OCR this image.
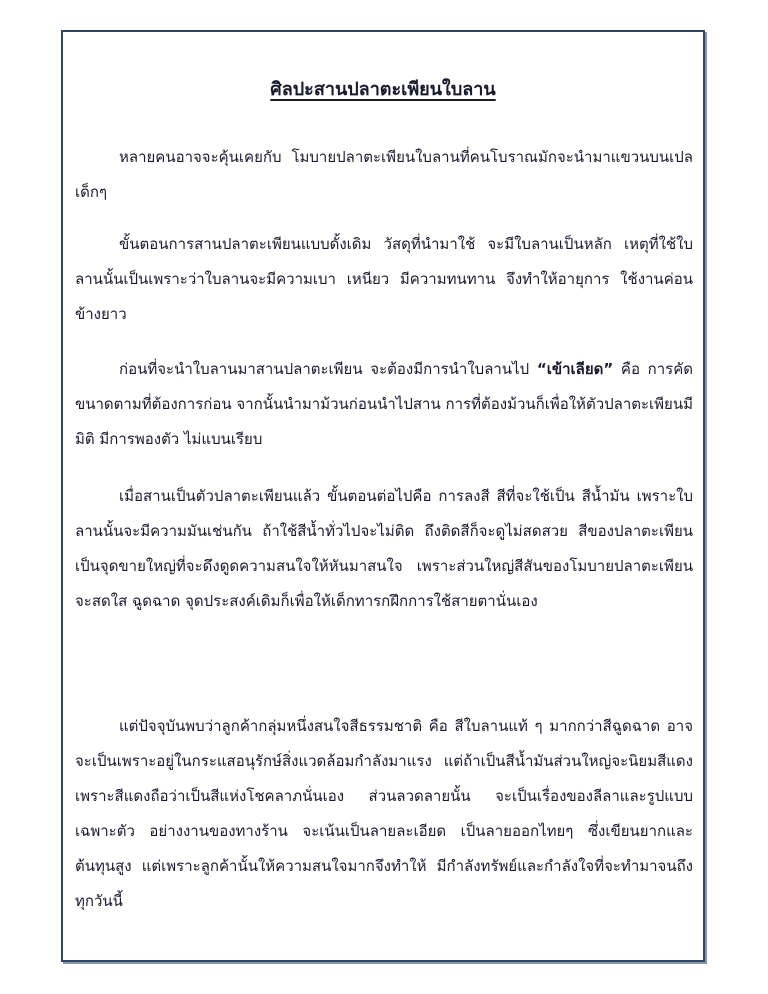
ศิลปะสานปลาตะเพียนใบลาน

หลายคนอาจจะคุ้นเคยกับ โมบายปลาตะเพียนใบลานที่คนโบราณมักจะนำมาแขวนบนเปลเด็กๆ

ขั้นตอนการสานปลาตะเพียนแบบดั้งเดิม วัสดุที่นำมาใช้ จะมีใบลานเป็นหลัก เหตุที่ใช้ใบลานนั้นเป็นเพราะว่าใบลานจะมีความเบา เหนียว มีความทนทาน จึงทำให้อายุการ ใช้งานค่อนข้างยาว

ก่อนที่จะนำใบลานมาสานปลาตะเพียน จะต้องมีการนำใบลานไป “เข้าเลียด” คือ การคัดขนาดตามที่ต้องการก่อน จากนั้นนำมาม้วนก่อนนำไปสาน การที่ต้องม้วนก็เพื่อให้ตัวปลาตะเพียนมีมิติ มีการพองตัว ไม่แบนเรียบ

เมื่อสานเป็นตัวปลาตะเพียนแล้ว ขั้นตอนต่อไปคือ การลงสี สีที่จะใช้เป็น สีน้ำมัน เพราะใบลานนั้นจะมีความมันเช่นกัน ถ้าใช้สีน้ำทั่วไปจะไม่ติด ถึงติดสีก็จะดูไม่สดสวย สีของปลาตะเพียนเป็นจุดขายใหญ่ที่จะดึงดูดความสนใจให้หันมาสนใจ เพราะส่วนใหญ่สีสันของโมบายปลาตะเพียนจะสดใส ฉูดฉาด จุดประสงค์เดิมก็เพื่อให้เด็กทารกฝึกการใช้สายตานั่นเอง

แต่ปัจจุบันพบว่าลูกค้ากลุ่มหนึ่งสนใจสีธรรมชาติ คือ สีใบลานแท้ ๆ มากกว่าสีฉูดฉาด อาจจะเป็นเพราะอยู่ในกระแสอนุรักษ์สิ่งแวดล้อมกำลังมาแรง แต่ถ้าเป็นสีน้ำมันส่วนใหญ่จะนิยมสีแดง เพราะสีแดงถือว่าเป็นสีแห่งโชคลาภนั่นเอง ส่วนลวดลายนั้น จะเป็นเรื่องของลีลาและรูปแบบเฉพาะตัว อย่างงานของทางร้าน จะเน้นเป็นลายละเอียด เป็นลายออกไทยๆ ซึ่งเขียนยากและต้นทุนสูง แต่เพราะลูกค้านั้นให้ความสนใจมากจึงทำให้ มีกำลังทรัพย์และกำลังใจที่จะทำมาจนถึงทุกวันนี้
